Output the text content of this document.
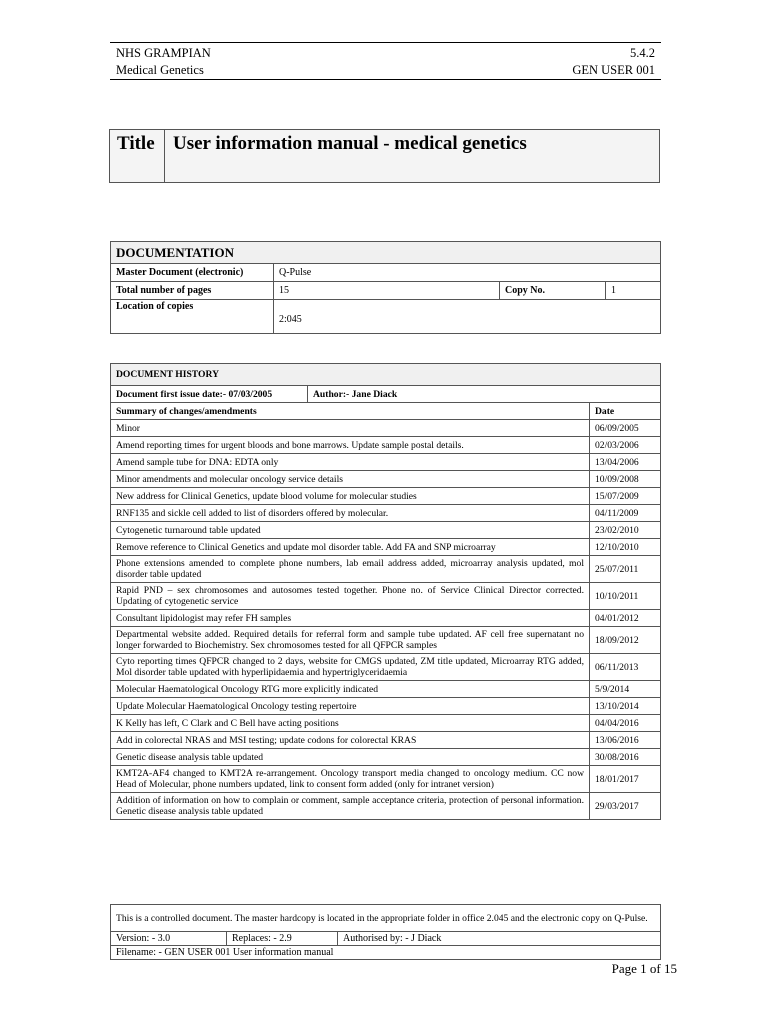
NHS GRAMPIAN
Medical Genetics
5.4.2
GEN USER 001
Title User information manual - medical genetics
DOCUMENTATION			
Master Document (electronic)	Q-Pulse		
Total number of pages	15	Copy No.	1
Location of copies	2:045		
DOCUMENT HISTORY		
Document first issue date:- 07/03/2005	Author:- Jane Diack	
Summary of changes/amendments		Date
Minor		06/09/2005
Amend reporting times for urgent bloods and bone marrows. Update sample postal details.		02/03/2006
Amend sample tube for DNA: EDTA only		13/04/2006
Minor amendments and molecular oncology service details		10/09/2008
New address for Clinical Genetics, update blood volume for molecular studies		15/07/2009
RNF135 and sickle cell added to list of disorders offered by molecular.		04/11/2009
Cytogenetic turnaround table updated		23/02/2010
Remove reference to Clinical Genetics and update mol disorder table. Add FA and SNP microarray		12/10/2010
Phone extensions amended to complete phone numbers, lab email address added, microarray analysis updated, mol disorder table updated		25/07/2011
Rapid PND – sex chromosomes and autosomes tested together. Phone no. of Service Clinical Director corrected. Updating of cytogenetic service		10/10/2011
Consultant lipidologist may refer FH samples		04/01/2012
Departmental website added. Required details for referral form and sample tube updated. AF cell free supernatant no longer forwarded to Biochemistry. Sex chromosomes tested for all QFPCR samples		18/09/2012
Cyto reporting times QFPCR changed to 2 days, website for CMGS updated, ZM title updated, Microarray RTG added, Mol disorder table updated with hyperlipidaemia and hypertriglyceridaemia		06/11/2013
Molecular Haematological Oncology RTG more explicitly indicated		5/9/2014
Update Molecular Haematological Oncology testing repertoire		13/10/2014
K Kelly has left, C Clark and C Bell have acting positions		04/04/2016
Add in colorectal NRAS and MSI testing; update codons for colorectal KRAS		13/06/2016
Genetic disease analysis table updated		30/08/2016
KMT2A-AF4 changed to KMT2A re-arrangement. Oncology transport media changed to oncology medium. CC now Head of Molecular, phone numbers updated, link to consent form added (only for intranet version)		18/01/2017
Addition of information on how to complain or comment, sample acceptance criteria, protection of personal information. Genetic disease analysis table updated		29/03/2017
This is a controlled document. The master hardcopy is located in the appropriate folder in office 2.045 and the electronic copy on Q-Pulse.
Version: - 3.0	Replaces: - 2.9	Authorised by: - J Diack
Filename: - GEN USER 001 User information manual
Page 1 of 15
